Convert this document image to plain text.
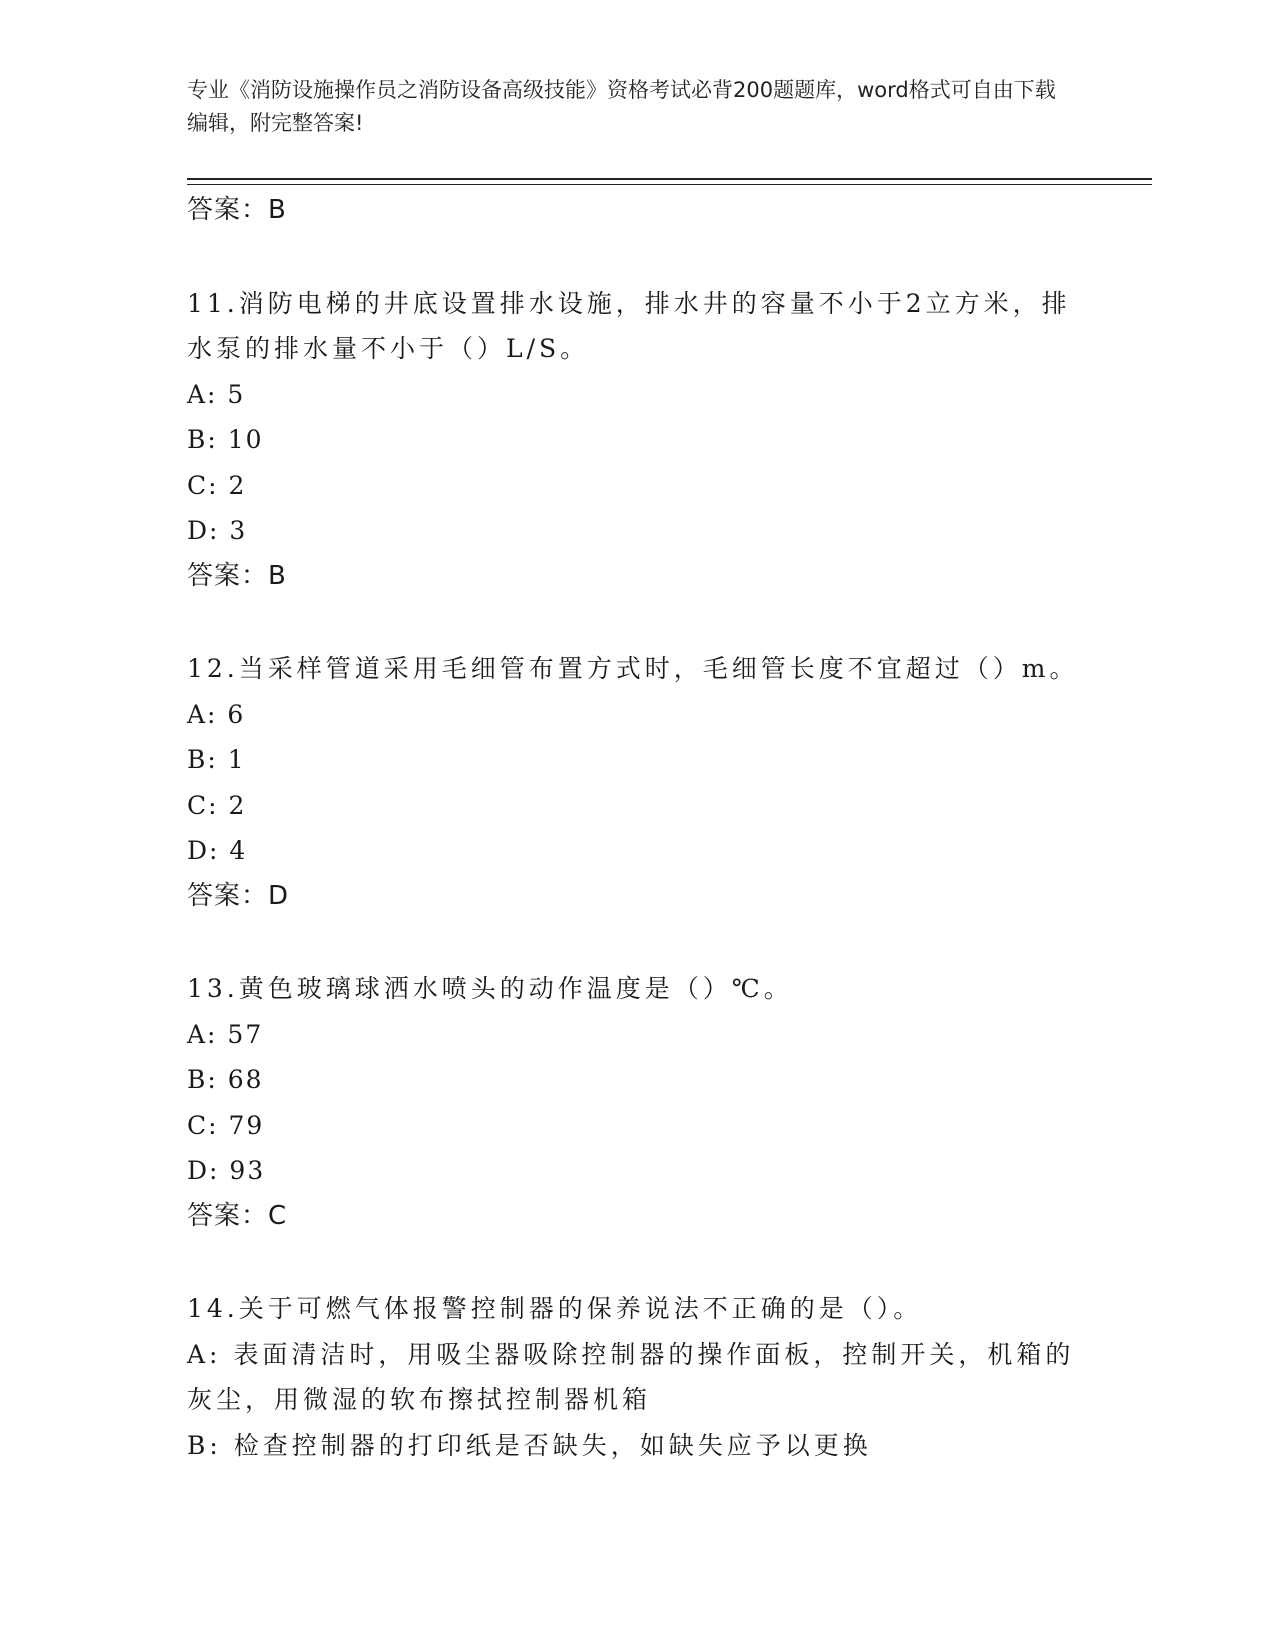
专业《消防设施操作员之消防设备高级技能》资格考试必背200题题库，word格式可自由下载编辑，附完整答案!
答案：B
11.消防电梯的井底设置排水设施，排水井的容量不小于2立方米，排水泵的排水量不小于（）L/S。
A: 5
B: 10
C: 2
D: 3
答案：B
12.当采样管道采用毛细管布置方式时，毛细管长度不宜超过（）m。
A: 6
B: 1
C: 2
D: 4
答案：D
13.黄色玻璃球洒水喷头的动作温度是（）℃。
A: 57
B: 68
C: 79
D: 93
答案：C
14.关于可燃气体报警控制器的保养说法不正确的是（）。
A: 表面清洁时，用吸尘器吸除控制器的操作面板，控制开关，机箱的灰尘，用微湿的软布擦拭控制器机箱
B: 检查控制器的打印纸是否缺失，如缺失应予以更换
